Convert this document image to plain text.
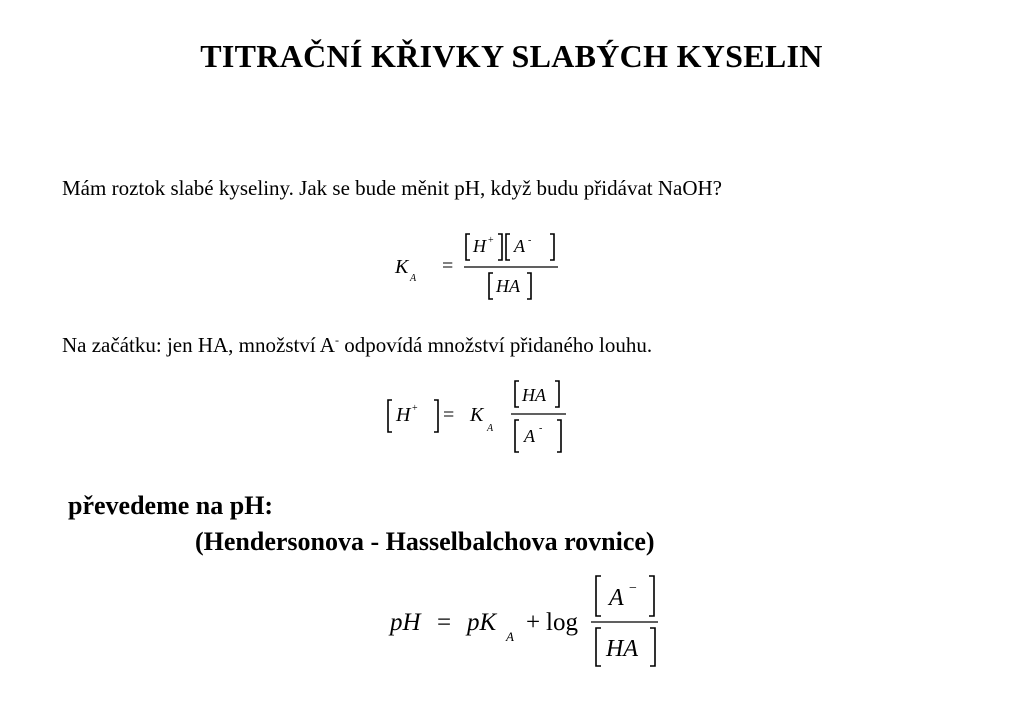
TITRAČNÍ KŘIVKY SLABÝCH KYSELIN
Mám roztok slabé kyseliny. Jak se bude měnit pH, když budu přidávat NaOH?
K
A
=
H + A -
HA
Na začátku: jen HA, množství A- odpovídá množství přidaného louhu.
H + = K
A
HA
A -
převedeme na pH:
(Hendersonova - Hasselbalchova rovnice)
pH = pK
A
+ log
A −
HA
